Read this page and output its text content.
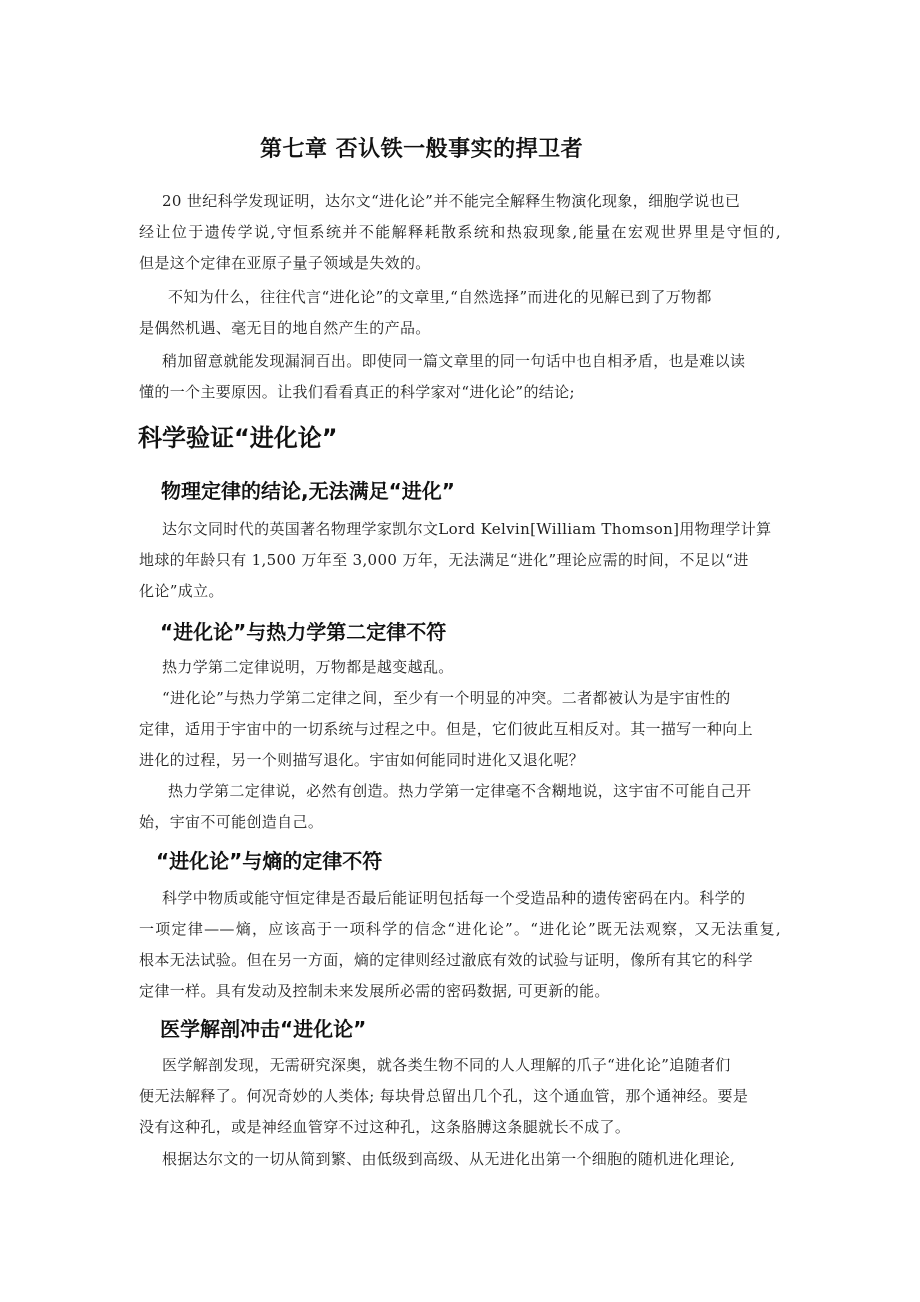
第七章 否认铁一般事实的捍卫者
20 世纪科学发现证明，达尔文“进化论”并不能完全解释生物演化现象，细胞学说也已
经让位于遗传学说,守恒系统并不能解释耗散系统和热寂现象,能量在宏观世界里是守恒的,
但是这个定律在亚原子量子领域是失效的。
不知为什么，往往代言“进化论”的文章里,“自然选择”而进化的见解已到了万物都
是偶然机遇、毫无目的地自然产生的产品。
稍加留意就能发现漏洞百出。即使同一篇文章里的同一句话中也自相矛盾，也是难以读
懂的一个主要原因。让我们看看真正的科学家对“进化论”的结论;
科学验证“进化论”
物理定律的结论,无法满足“进化”
达尔文同时代的英国著名物理学家凯尔文Lord Kelvin[William Thomson]用物理学计算
地球的年龄只有 1,500 万年至 3,000 万年，无法满足“进化”理论应需的时间，不足以“进
化论”成立。
“进化论”与热力学第二定律不符
热力学第二定律说明，万物都是越变越乱。
“进化论”与热力学第二定律之间，至少有一个明显的冲突。二者都被认为是宇宙性的
定律，适用于宇宙中的一切系统与过程之中。但是，它们彼此互相反对。其一描写一种向上
进化的过程，另一个则描写退化。宇宙如何能同时进化又退化呢？
热力学第二定律说，必然有创造。热力学第一定律毫不含糊地说，这宇宙不可能自己开
始，宇宙不可能创造自己。
“进化论”与熵的定律不符
科学中物质或能守恒定律是否最后能证明包括每一个受造品种的遗传密码在内。科学的
一项定律——熵，应该高于一项科学的信念“进化论”。“进化论”既无法观察，又无法重复,
根本无法试验。但在另一方面，熵的定律则经过澈底有效的试验与证明，像所有其它的科学
定律一样。具有发动及控制未来发展所必需的密码数据, 可更新的能。
医学解剖冲击“进化论”
医学解剖发现，无需研究深奥，就各类生物不同的人人理解的爪子“进化论”追随者们
便无法解释了。何况奇妙的人类体; 每块骨总留出几个孔，这个通血管，那个通神经。要是
没有这种孔，或是神经血管穿不过这种孔，这条胳膊这条腿就长不成了。
根据达尔文的一切从简到繁、由低级到高级、从无进化出第一个细胞的随机进化理论,
